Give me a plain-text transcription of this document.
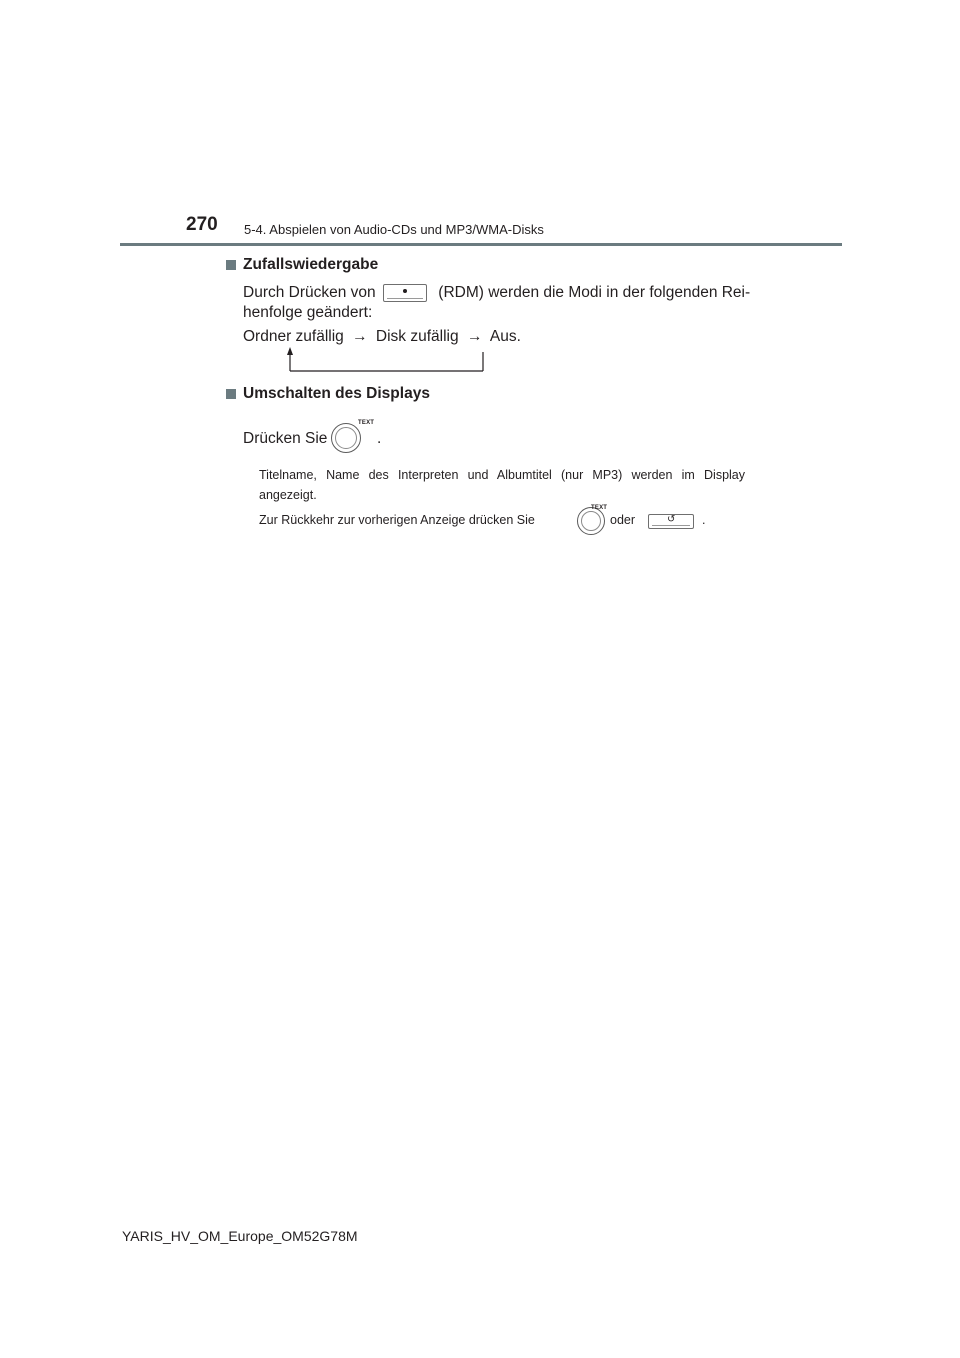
270 5-4. Abspielen von Audio-CDs und MP3/WMA-Disks
Zufallswiedergabe
Durch Drücken von	(RDM) werden die Modi in der folgenden Rei-
henfolge geändert:
Ordner zufällig → Disk zufällig → Aus.
Umschalten des Displays
Drücken Sie
TEXT
.
Titelname, Name des Interpreten und Albumtitel (nur MP3) werden im Display
angezeigt.
Zur Rückkehr zur vorherigen Anzeige drücken Sie
TEXT
oder	↺ .
YARIS_HV_OM_Europe_OM52G78M
